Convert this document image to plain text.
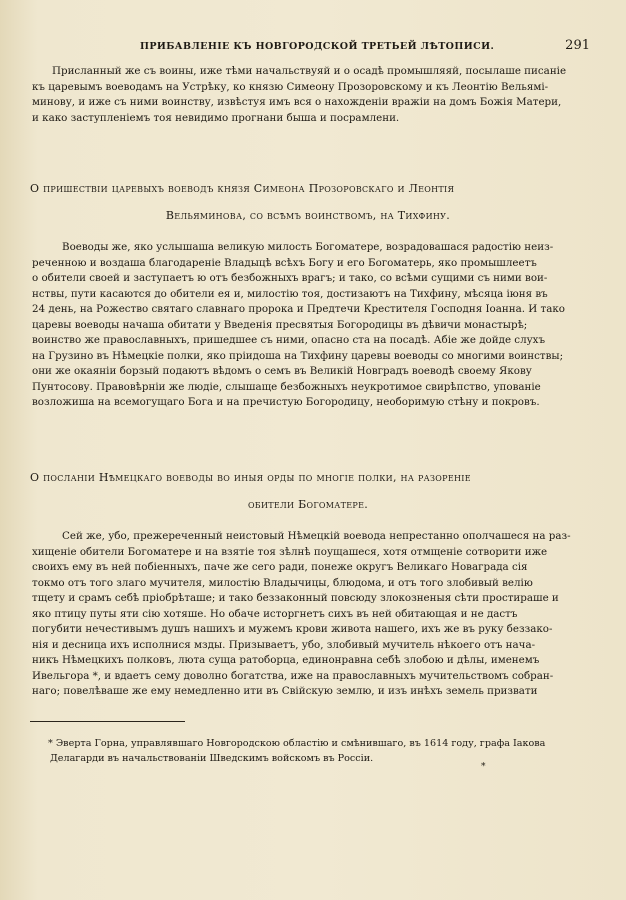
ПРИБАВЛЕНІЕ КЪ НОВГОРОДСКОЙ ТРЕТЬЕЙ ЛѢТОПИСИ.	291
Присланный же съ воины, иже тѣми начальствуяй и о осадѣ промышляяй, посылаше писаніе
къ царевымъ воеводамъ на Устрѣку, ко князю Симеону Прозоровскому и къ Леонтію Вельямі-
минову, и иже съ ними воинству, извѣстуя имъ вся о нахожденіи вражіи на домъ Божія Матери,
и како заступленіемъ тоя невидимо прогнани быша и посрамлени.
О пришествіи царевыхъ воеводъ князя Симеона Прозоровскаго и Леонтія
Вельяминова, со всѣмъ воинствомъ, на Тихфину.
Воеводы же, яко услышаша великую милость Богоматере, возрадовашася радостію неиз-
реченною и воздаша благодареніе Владыцѣ всѣхъ Богу и его Богоматерь, яко промышлеетъ
о обители своей и заступаетъ ю отъ безбожныхъ врагъ; и тако, со всѣми сущими съ ними вои-
нствы, пути касаются до обители ея и, милостію тоя, достизаютъ на Тихфину, мѣсяца іюня въ
24 день, на Рожество святаго славнаго пророка и Предтечи Крестителя Господня Іоанна. И тако
царевы воеводы начаша обитати у Введенія пресвятыя Богородицы въ дѣвичи монастырѣ;
воинство же православныхъ, пришедшее съ ними, опасно ста на посадѣ. Абіе же дойде слухъ
на Грузино въ Нѣмецкіе полки, яко пріидоша на Тихфину царевы воеводы со многими воинствы;
они же окаяніи борзый подаютъ вѣдомъ о семъ въ Великій Новградъ воеводѣ своему Якову
Пунтосову. Правовѣрніи же людіе, слышаще безбожныхъ неукротимое свирѣпство, упованіе
возложиша на всемогущаго Бога и на пречистую Богородицу, необоримую стѣну и покровъ.
О посланіи Нѣмецкаго воеводы во иныя орды по многіе полки, на разореніе
обители Богоматере.
Сей же, убо, прежереченный неистовый Нѣмецкій воевода непрестанно ополчашеся на раз-
хищеніе обители Богоматере и на взятіе тоя зѣлнѣ поущашеся, хотя отмщеніе сотворити иже
своихъ ему въ ней побіенныхъ, паче же сего ради, понеже округъ Великаго Новаграда сія
токмо отъ того злаго мучителя, милостію Владычицы, блюдома, и отъ того злобивый велію
тщету и срамъ себѣ пріобрѣташе; и тако беззаконный повсюду злокозненыя сѣти простираше и
яко птицу путы яти сію хотяше. Но обаче исторгнетъ сихъ въ ней обитающая и не дастъ
погубити нечестивымъ душъ нашихъ и мужемъ крови живота нашего, ихъ же въ руку беззако-
нія и десница ихъ исполнися мзды. Призываетъ, убо, злобивый мучитель нѣкоего отъ нача-
никъ Нѣмецкихъ полковъ, люта суща ратоборца, единонравна себѣ злобою и дѣлы, именемъ
Ивельгора *, и вдаетъ сему доволно богатства, иже на православныхъ мучительствомъ собран-
наго; повелѣваше же ему немедленно ити въ Свійскую землю, и изъ инѣхъ земель призвати
* Эверта Горна, управлявшаго Новгородскою областію и смѣнившаго, въ 1614 году, графа Іакова
Делагарди въ начальствованіи Шведскимъ войскомъ въ Россіи.
*
